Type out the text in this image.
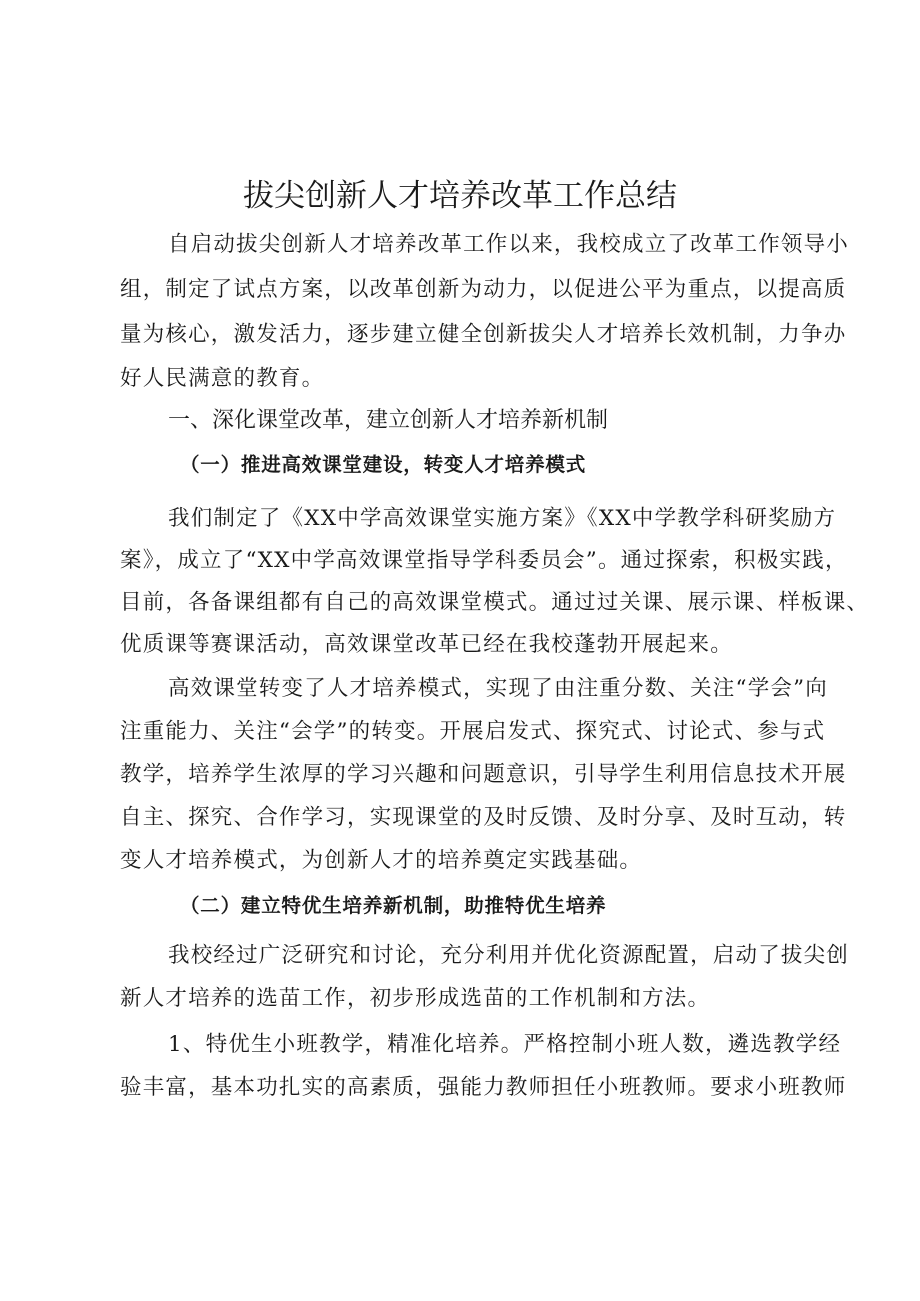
拔尖创新人才培养改革工作总结
自启动拔尖创新人才培养改革工作以来，我校成立了改革工作领导小
组，制定了试点方案，以改革创新为动力，以促进公平为重点，以提高质
量为核心，激发活力，逐步建立健全创新拔尖人才培养长效机制，力争办
好人民满意的教育。
一、深化课堂改革，建立创新人才培养新机制
（一）推进高效课堂建设，转变人才培养模式
我们制定了《XX中学高效课堂实施方案》《XX中学教学科研奖励方
案》，成立了“XX中学高效课堂指导学科委员会”。通过探索，积极实践，
目前，各备课组都有自己的高效课堂模式。通过过关课、展示课、样板课、
优质课等赛课活动，高效课堂改革已经在我校蓬勃开展起来。
高效课堂转变了人才培养模式，实现了由注重分数、关注“学会”向
注重能力、关注“会学”的转变。开展启发式、探究式、讨论式、参与式
教学，培养学生浓厚的学习兴趣和问题意识，引导学生利用信息技术开展
自主、探究、合作学习，实现课堂的及时反馈、及时分享、及时互动，转
变人才培养模式，为创新人才的培养奠定实践基础。
（二）建立特优生培养新机制，助推特优生培养
我校经过广泛研究和讨论，充分利用并优化资源配置，启动了拔尖创
新人才培养的选苗工作，初步形成选苗的工作机制和方法。
1、特优生小班教学，精准化培养。严格控制小班人数，遴选教学经
验丰富，基本功扎实的高素质，强能力教师担任小班教师。要求小班教师
